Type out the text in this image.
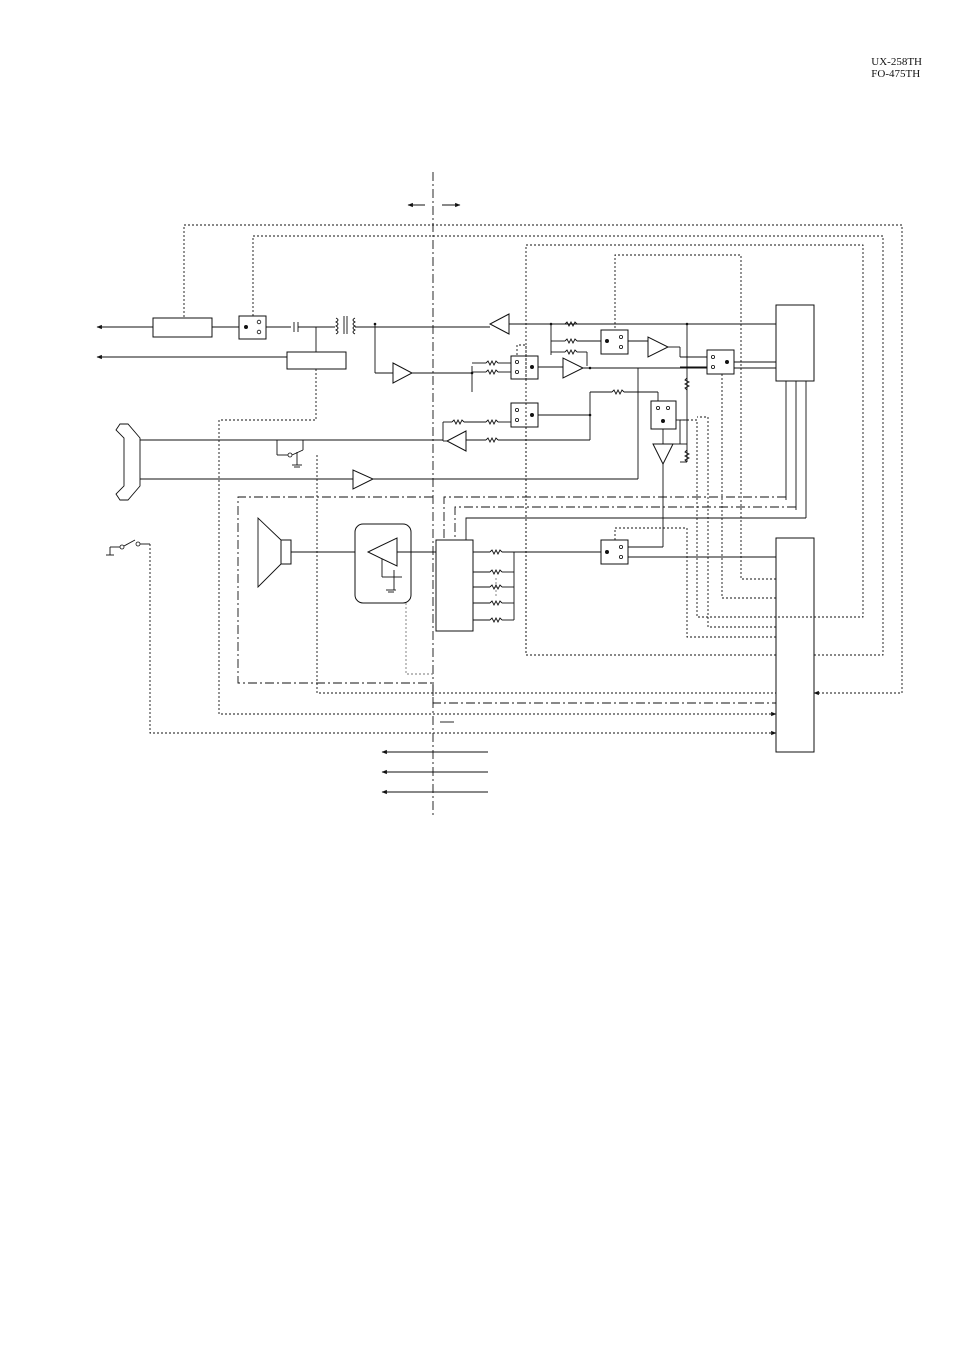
UX-258TH
FO-475TH
